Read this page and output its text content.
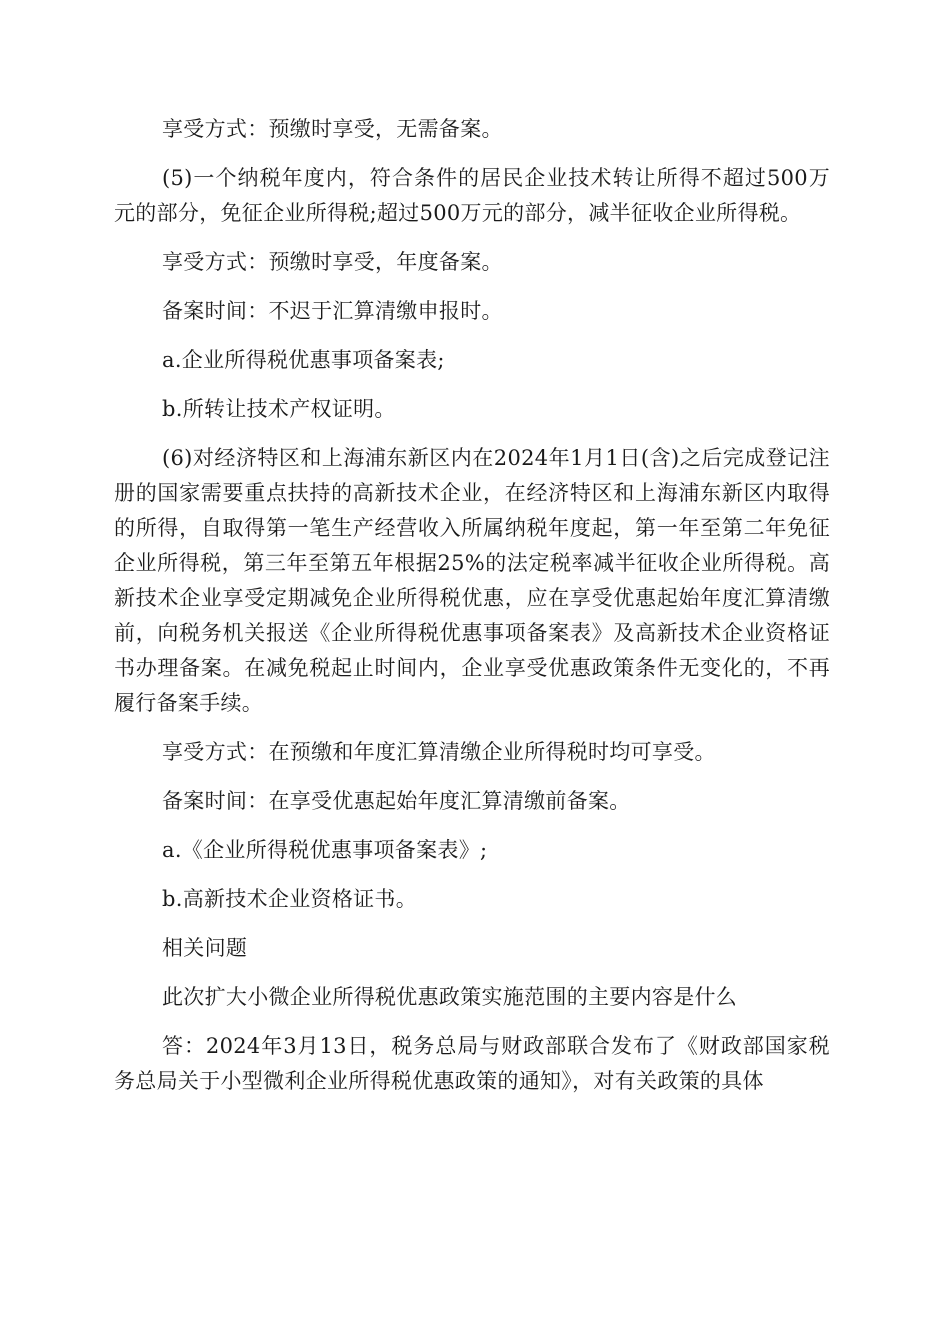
享受方式：预缴时享受，无需备案。

(5)一个纳税年度内，符合条件的居民企业技术转让所得不超过500万元的部分，免征企业所得税;超过500万元的部分，减半征收企业所得税。

享受方式：预缴时享受，年度备案。

备案时间：不迟于汇算清缴申报时。

a.企业所得税优惠事项备案表;

b.所转让技术产权证明。

(6)对经济特区和上海浦东新区内在2024年1月1日(含)之后完成登记注册的国家需要重点扶持的高新技术企业，在经济特区和上海浦东新区内取得的所得，自取得第一笔生产经营收入所属纳税年度起，第一年至第二年免征企业所得税，第三年至第五年根据25%的法定税率减半征收企业所得税。高新技术企业享受定期减免企业所得税优惠，应在享受优惠起始年度汇算清缴前，向税务机关报送《企业所得税优惠事项备案表》及高新技术企业资格证书办理备案。在减免税起止时间内，企业享受优惠政策条件无变化的，不再履行备案手续。

享受方式：在预缴和年度汇算清缴企业所得税时均可享受。

备案时间：在享受优惠起始年度汇算清缴前备案。

a.《企业所得税优惠事项备案表》;

b.高新技术企业资格证书。

相关问题

此次扩大小微企业所得税优惠政策实施范围的主要内容是什么

答：2024年3月13日，税务总局与财政部联合发布了《财政部国家税务总局关于小型微利企业所得税优惠政策的通知》，对有关政策的具体
